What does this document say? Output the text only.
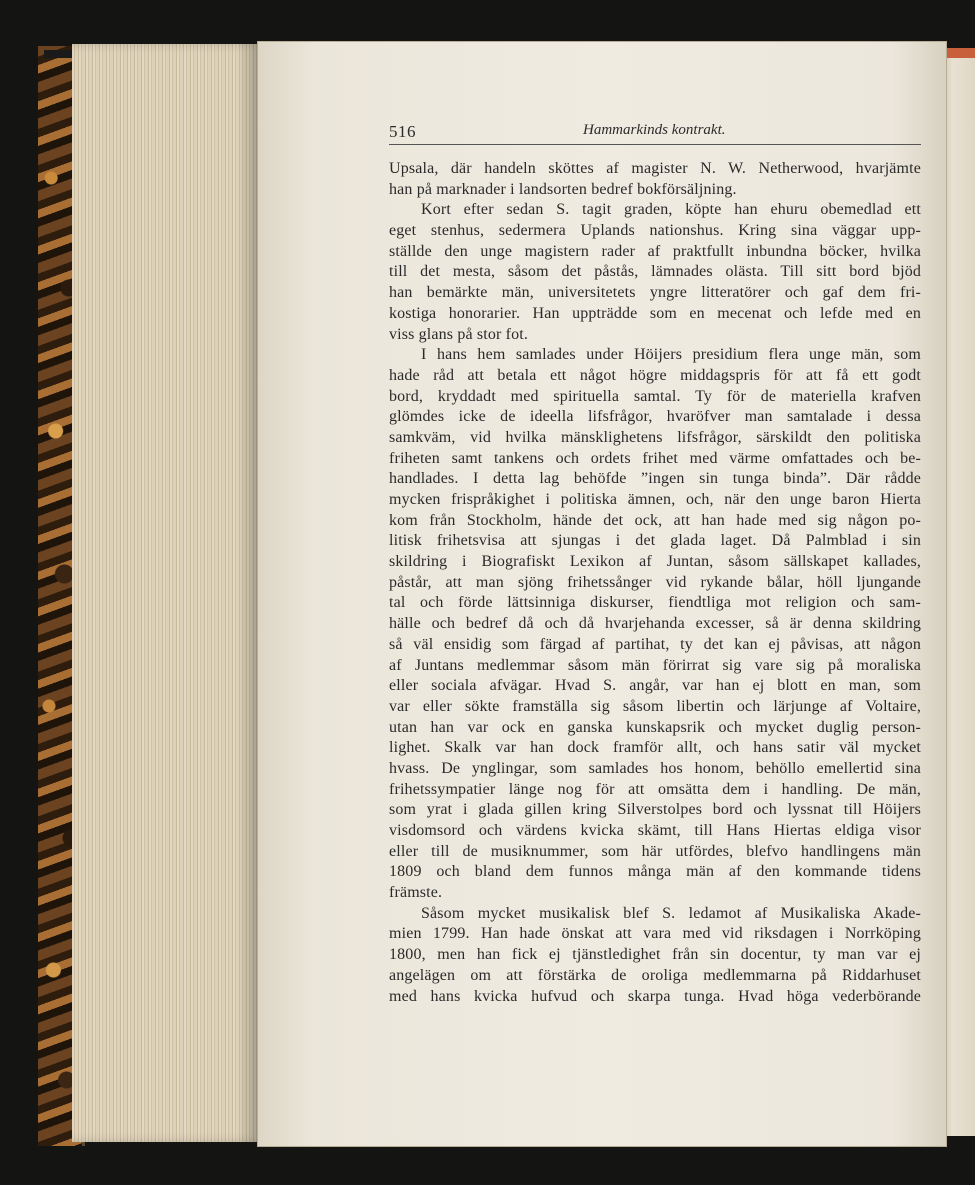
516	Hammarkinds kontrakt.
Upsala, där handeln sköttes af magister N. W. Netherwood, hvarjämte
han på marknader i landsorten bedref bokförsäljning.
Kort efter sedan S. tagit graden, köpte han ehuru obemedlad ett
eget stenhus, sedermera Uplands nationshus. Kring sina väggar upp-
ställde den unge magistern rader af praktfullt inbundna böcker, hvilka
till det mesta, såsom det påstås, lämnades olästa. Till sitt bord bjöd
han bemärkte män, universitetets yngre litteratörer och gaf dem fri-
kostiga honorarier. Han uppträdde som en mecenat och lefde med en
viss glans på stor fot.
I hans hem samlades under Höijers presidium flera unge män, som
hade råd att betala ett något högre middagspris för att få ett godt
bord, kryddadt med spirituella samtal. Ty för de materiella krafven
glömdes icke de ideella lifsfrågor, hvaröfver man samtalade i dessa
samkväm, vid hvilka mänsklighetens lifsfrågor, särskildt den politiska
friheten samt tankens och ordets frihet med värme omfattades och be-
handlades. I detta lag behöfde ”ingen sin tunga binda”. Där rådde
mycken frispråkighet i politiska ämnen, och, när den unge baron Hierta
kom från Stockholm, hände det ock, att han hade med sig någon po-
litisk frihetsvisa att sjungas i det glada laget. Då Palmblad i sin
skildring i Biografiskt Lexikon af Juntan, såsom sällskapet kallades,
påstår, att man sjöng frihetssånger vid rykande bålar, höll ljungande
tal och förde lättsinniga diskurser, fiendtliga mot religion och sam-
hälle och bedref då och då hvarjehanda excesser, så är denna skildring
så väl ensidig som färgad af partihat, ty det kan ej påvisas, att någon
af Juntans medlemmar såsom män förirrat sig vare sig på moraliska
eller sociala afvägar. Hvad S. angår, var han ej blott en man, som
var eller sökte framställa sig såsom libertin och lärjunge af Voltaire,
utan han var ock en ganska kunskapsrik och mycket duglig person-
lighet. Skalk var han dock framför allt, och hans satir väl mycket
hvass. De ynglingar, som samlades hos honom, behöllo emellertid sina
frihetssympatier länge nog för att omsätta dem i handling. De män,
som yrat i glada gillen kring Silverstolpes bord och lyssnat till Höijers
visdomsord och värdens kvicka skämt, till Hans Hiertas eldiga visor
eller till de musiknummer, som här utfördes, blefvo handlingens män
1809 och bland dem funnos många män af den kommande tidens
främste.
Såsom mycket musikalisk blef S. ledamot af Musikaliska Akade-
mien 1799. Han hade önskat att vara med vid riksdagen i Norrköping
1800, men han fick ej tjänstledighet från sin docentur, ty man var ej
angelägen om att förstärka de oroliga medlemmarna på Riddarhuset
med hans kvicka hufvud och skarpa tunga. Hvad höga vederbörande
